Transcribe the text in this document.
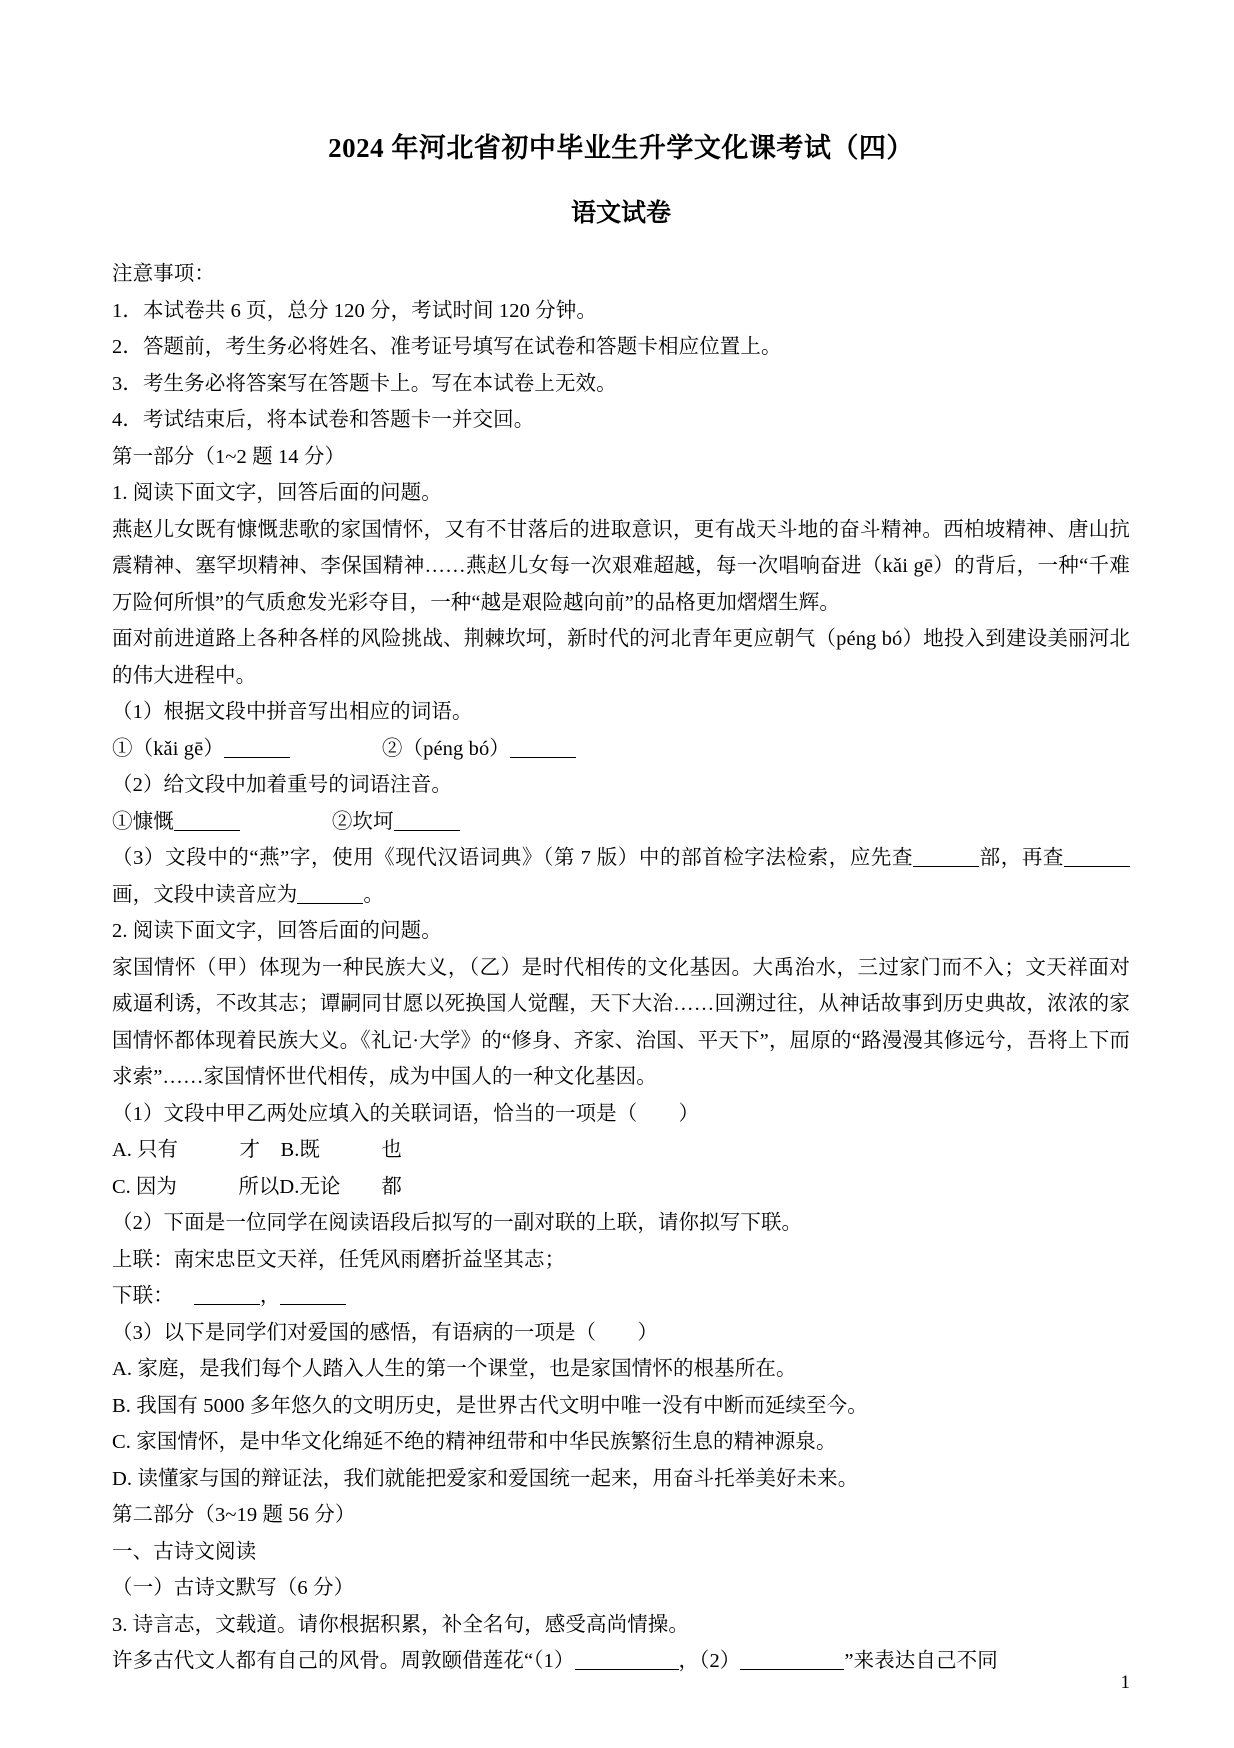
2024 年河北省初中毕业生升学文化课考试（四）
语文试卷

注意事项：

1．本试卷共 6 页，总分 120 分，考试时间 120 分钟。

2．答题前，考生务必将姓名、准考证号填写在试卷和答题卡相应位置上。

3．考生务必将答案写在答题卡上。写在本试卷上无效。

4．考试结束后，将本试卷和答题卡一并交回。

第一部分（1~2 题 14 分）

1. 阅读下面文字，回答后面的问题。

燕赵儿女既有慷慨悲歌的家国情怀，又有不甘落后的进取意识，更有战天斗地的奋斗精神。西柏坡精神、唐山抗震精神、塞罕坝精神、李保国精神……燕赵儿女每一次艰难超越，每一次唱响奋进（kǎi gē）的背后，一种“千难万险何所惧”的气质愈发光彩夺目，一种“越是艰险越向前”的品格更加熠熠生辉。

面对前进道路上各种各样的风险挑战、荆棘坎坷，新时代的河北青年更应朝气（péng bó）地投入到建设美丽河北的伟大进程中。

（1）根据文段中拼音写出相应的词语。

①（kǎi gē）	②（péng bó）

（2）给文段中加着重号的词语注音。

①慷慨	②坎坷

（3）文段中的“燕”字，使用《现代汉语词典》（第 7 版）中的部首检字法检索，应先查	部，再查画，文段中读音应为	。

2. 阅读下面文字，回答后面的问题。

家国情怀（甲）体现为一种民族大义，（乙）是时代相传的文化基因。大禹治水，三过家门而不入；文天祥面对威逼利诱，不改其志；谭嗣同甘愿以死换国人觉醒，天下大治……回溯过往，从神话故事到历史典故，浓浓的家国情怀都体现着民族大义。《礼记·大学》的“修身、齐家、治国、平天下”，屈原的“路漫漫其修远兮，吾将上下而求索”……家国情怀世代相传，成为中国人的一种文化基因。

（1）文段中甲乙两处应填入的关联词语，恰当的一项是（　　）

A. 只有　　　才　B.既　　　也

C. 因为　　　所以D.无论　　都

（2）下面是一位同学在阅读语段后拟写的一副对联的上联，请你拟写下联。

上联：南宋忠臣文天祥，任凭风雨磨折益坚其志；

下联：	，

（3）以下是同学们对爱国的感悟，有语病的一项是（　　）

A. 家庭，是我们每个人踏入人生的第一个课堂，也是家国情怀的根基所在。

B. 我国有 5000 多年悠久的文明历史，是世界古代文明中唯一没有中断而延续至今。

C. 家国情怀，是中华文化绵延不绝的精神纽带和中华民族繁衍生息的精神源泉。

D. 读懂家与国的辩证法，我们就能把爱家和爱国统一起来，用奋斗托举美好未来。

第二部分（3~19 题 56 分）

一、古诗文阅读

（一）古诗文默写（6 分）

3. 诗言志，文载道。请你根据积累，补全名句，感受高尚情操。

许多古代文人都有自己的风骨。周敦颐借莲花“（1）	，（2）	”来表达自己不同

1
